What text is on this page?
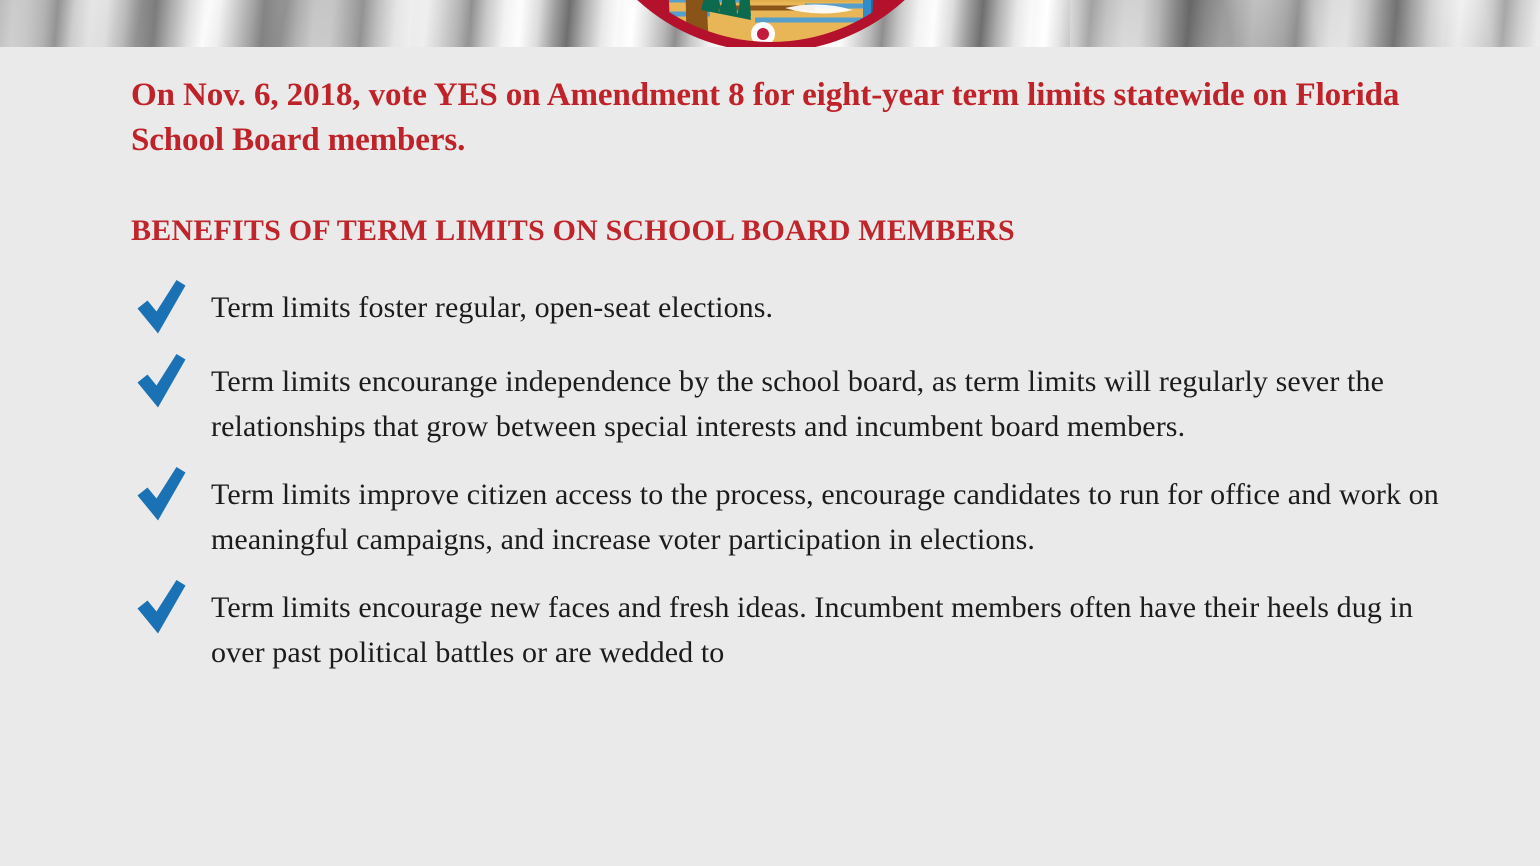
On Nov. 6, 2018, vote YES on Amendment 8 for eight-year term limits statewide on Florida School Board members.
BENEFITS OF TERM LIMITS ON SCHOOL BOARD MEMBERS
Term limits foster regular, open-seat elections.
Term limits encourange independence by the school board, as term limits will regularly sever the relationships that grow between special interests and incumbent board members.
Term limits improve citizen access to the process, encourage candidates to run for office and work on meaningful campaigns, and increase voter participation in elections.
Term limits encourage new faces and fresh ideas. Incumbent members often have their heels dug in over past political battles or are wedded to
